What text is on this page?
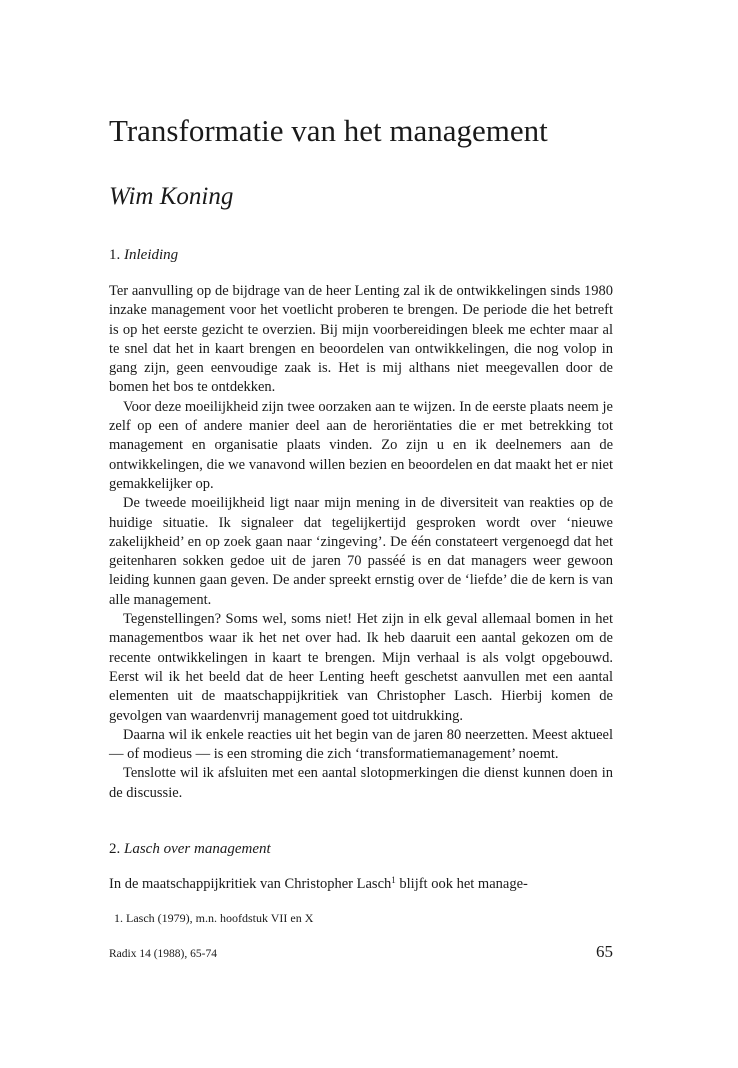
Transformatie van het management
Wim Koning
1. Inleiding

Ter aanvulling op de bijdrage van de heer Lenting zal ik de ontwikkelingen sinds 1980 inzake management voor het voetlicht proberen te brengen. De periode die het betreft is op het eerste gezicht te overzien. Bij mijn voorbereidingen bleek me echter maar al te snel dat het in kaart brengen en beoordelen van ontwikkelingen, die nog volop in gang zijn, geen eenvoudige zaak is. Het is mij althans niet meegevallen door de bomen het bos te ontdekken.

Voor deze moeilijkheid zijn twee oorzaken aan te wijzen. In de eerste plaats neem je zelf op een of andere manier deel aan de heroriëntaties die er met betrekking tot management en organisatie plaats vinden. Zo zijn u en ik deelnemers aan de ontwikkelingen, die we vanavond willen bezien en beoordelen en dat maakt het er niet gemakkelijker op.

De tweede moeilijkheid ligt naar mijn mening in de diversiteit van reakties op de huidige situatie. Ik signaleer dat tegelijkertijd gesproken wordt over ‘nieuwe zakelijkheid’ en op zoek gaan naar ‘zingeving’. De één constateert vergenoegd dat het geitenharen sokken gedoe uit de jaren 70 passéé is en dat managers weer gewoon leiding kunnen gaan geven. De ander spreekt ernstig over de ‘liefde’ die de kern is van alle management.

Tegenstellingen? Soms wel, soms niet! Het zijn in elk geval allemaal bomen in het managementbos waar ik het net over had. Ik heb daaruit een aantal gekozen om de recente ontwikkelingen in kaart te brengen. Mijn verhaal is als volgt opgebouwd. Eerst wil ik het beeld dat de heer Lenting heeft geschetst aanvullen met een aantal elementen uit de maatschappijkritiek van Christopher Lasch. Hierbij komen de gevolgen van waardenvrij management goed tot uitdrukking.

Daarna wil ik enkele reacties uit het begin van de jaren 80 neerzetten. Meest aktueel — of modieus — is een stroming die zich ‘transformatiemanagement’ noemt.

Tenslotte wil ik afsluiten met een aantal slotopmerkingen die dienst kunnen doen in de discussie.

2. Lasch over management

In de maatschappijkritiek van Christopher Lasch$^1$ blijft ook het manage-

1. Lasch (1979), m.n. hoofdstuk VII en X
Radix 14 (1988), 65-74	65
